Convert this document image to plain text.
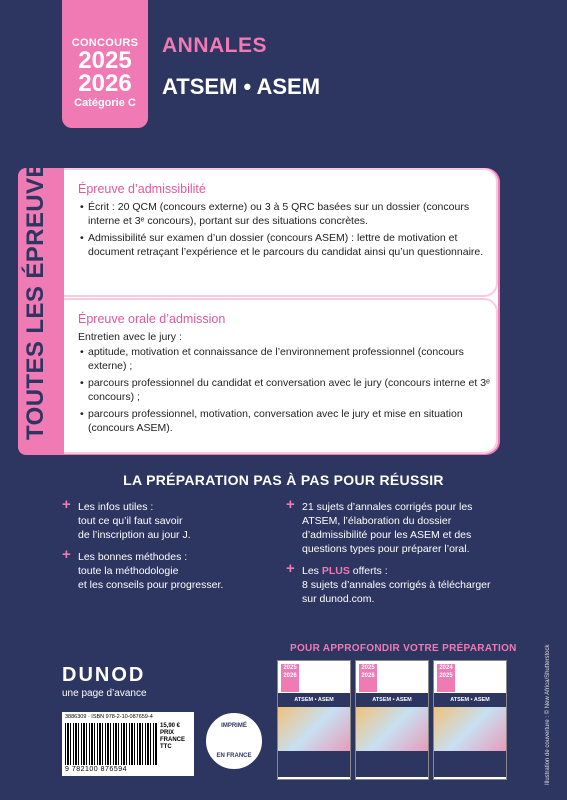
CONCOURS
2025
2026
Catégorie C
ANNALES
ATSEM • ASEM
TOUTES LES ÉPREUVES Épreuve d’admissibilité
• Écrit : 20 QCM (concours externe) ou 3 à 5 QRC basées sur un dossier (concours interne et 3ᵉ concours), portant sur des situations concrètes.
• Admissibilité sur examen d’un dossier (concours ASEM) : lettre de motivation et document retraçant l’expérience et le parcours du candidat ainsi qu’un questionnaire.
Épreuve orale d’admission

Entretien avec le jury :

• aptitude, motivation et connaissance de l’environnement professionnel (concours externe) ;
• parcours professionnel du candidat et conversation avec le jury (concours interne et 3ᵉ concours) ;
• parcours professionnel, motivation, conversation avec le jury et mise en situation (concours ASEM).
LA PRÉPARATION PAS À PAS POUR RÉUSSIR
+ Les infos utiles :
tout ce qu’il faut savoir
de l’inscription au jour J.
+ Les bonnes méthodes :
toute la méthodologie
et les conseils pour progresser.
+ 21 sujets d’annales corrigés pour les
ATSEM, l’élaboration du dossier
d’admissibilité pour les ASEM et des
questions types pour préparer l’oral.
+ Les PLUS offerts :
8 sujets d’annales corrigés à télécharger
sur dunod.com.
POUR APPROFONDIR VOTRE PRÉPARATION
2025 2026
ATSEM • ASEM
2025 2026
ATSEM • ASEM
2024 2025
ATSEM • ASEM
DUNOD
une page d’avance
3886309 · ISBN 978-2-10-087659-4
9 782100 876594
15,90 €
PRIX FRANCE TTC
IMPRIMÉ
EN FRANCE	Illustration de couverture : © New Africa/Shutterstock
